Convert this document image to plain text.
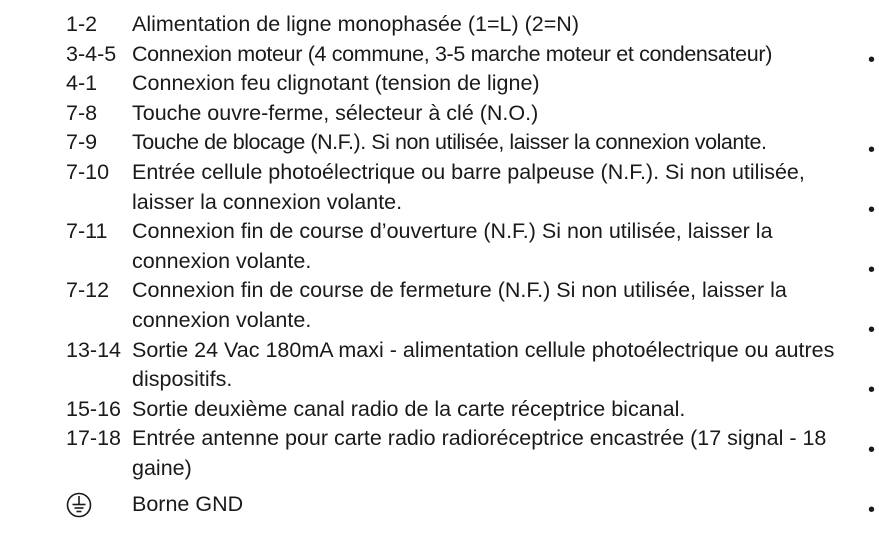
1-2	Alimentation de ligne monophasée (1=L) (2=N)
3-4-5 Connexion moteur (4 commune, 3-5 marche moteur et condensateur)
4-1	Connexion feu clignotant (tension de ligne)
7-8	Touche ouvre-ferme, sélecteur à clé (N.O.)
7-9	Touche de blocage (N.F.). Si non utilisée, laisser la connexion volante.
7-10	Entrée cellule photoélectrique ou barre palpeuse (N.F.). Si non utilisée, laisser la connexion volante.
7-11	Connexion fin de course d’ouverture (N.F.) Si non utilisée, laisser la connexion volante.
7-12	Connexion fin de course de fermeture (N.F.) Si non utilisée, laisser la connexion volante.
13-14 Sortie 24 Vac 180mA maxi - alimentation cellule photoélectrique ou autres dispositifs.
15-16 Sortie deuxième canal radio de la carte réceptrice bicanal.
17-18 Entrée antenne pour carte radio radioréceptrice encastrée (17 signal - 18 gaine)
Borne GND
•
•
•
•
•
•
•
•
